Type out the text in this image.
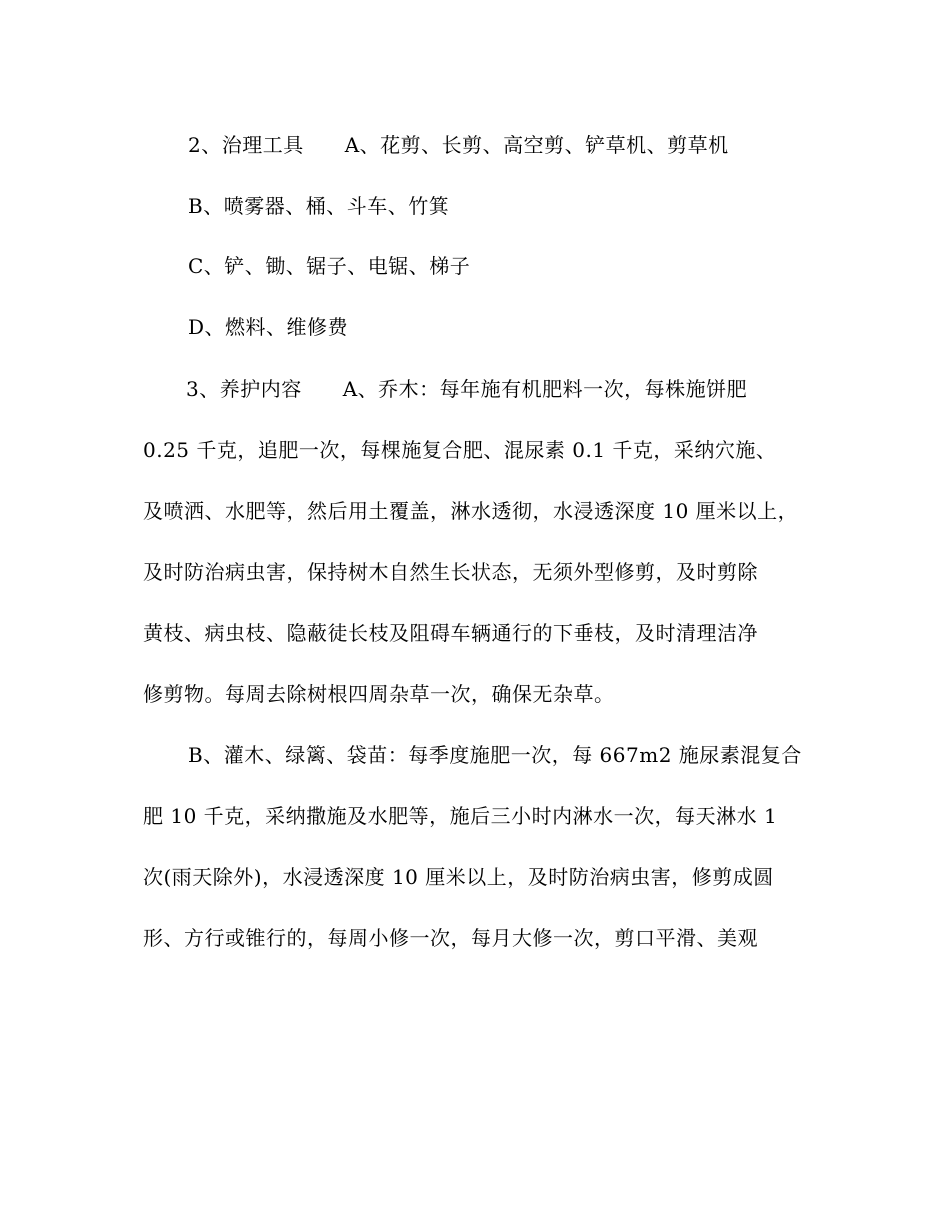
2、治理工具　　A、花剪、长剪、高空剪、铲草机、剪草机
B、喷雾器、桶、斗车、竹箕
C、铲、锄、锯子、电锯、梯子
D、燃料、维修费
3、养护内容　　A、乔木：每年施有机肥料一次，每株施饼肥
0.25 千克，追肥一次，每棵施复合肥、混尿素 0.1 千克，采纳穴施、
及喷洒、水肥等，然后用土覆盖，淋水透彻，水浸透深度 10 厘米以上，
及时防治病虫害，保持树木自然生长状态，无须外型修剪，及时剪除
黄枝、病虫枝、隐蔽徒长枝及阻碍车辆通行的下垂枝，及时清理洁净
修剪物。每周去除树根四周杂草一次，确保无杂草。
B、灌木、绿篱、袋苗：每季度施肥一次，每 667m2 施尿素混复合
肥 10 千克，采纳撒施及水肥等，施后三小时内淋水一次，每天淋水 1
次(雨天除外)，水浸透深度 10 厘米以上，及时防治病虫害，修剪成圆
形、方行或锥行的，每周小修一次，每月大修一次，剪口平滑、美观
